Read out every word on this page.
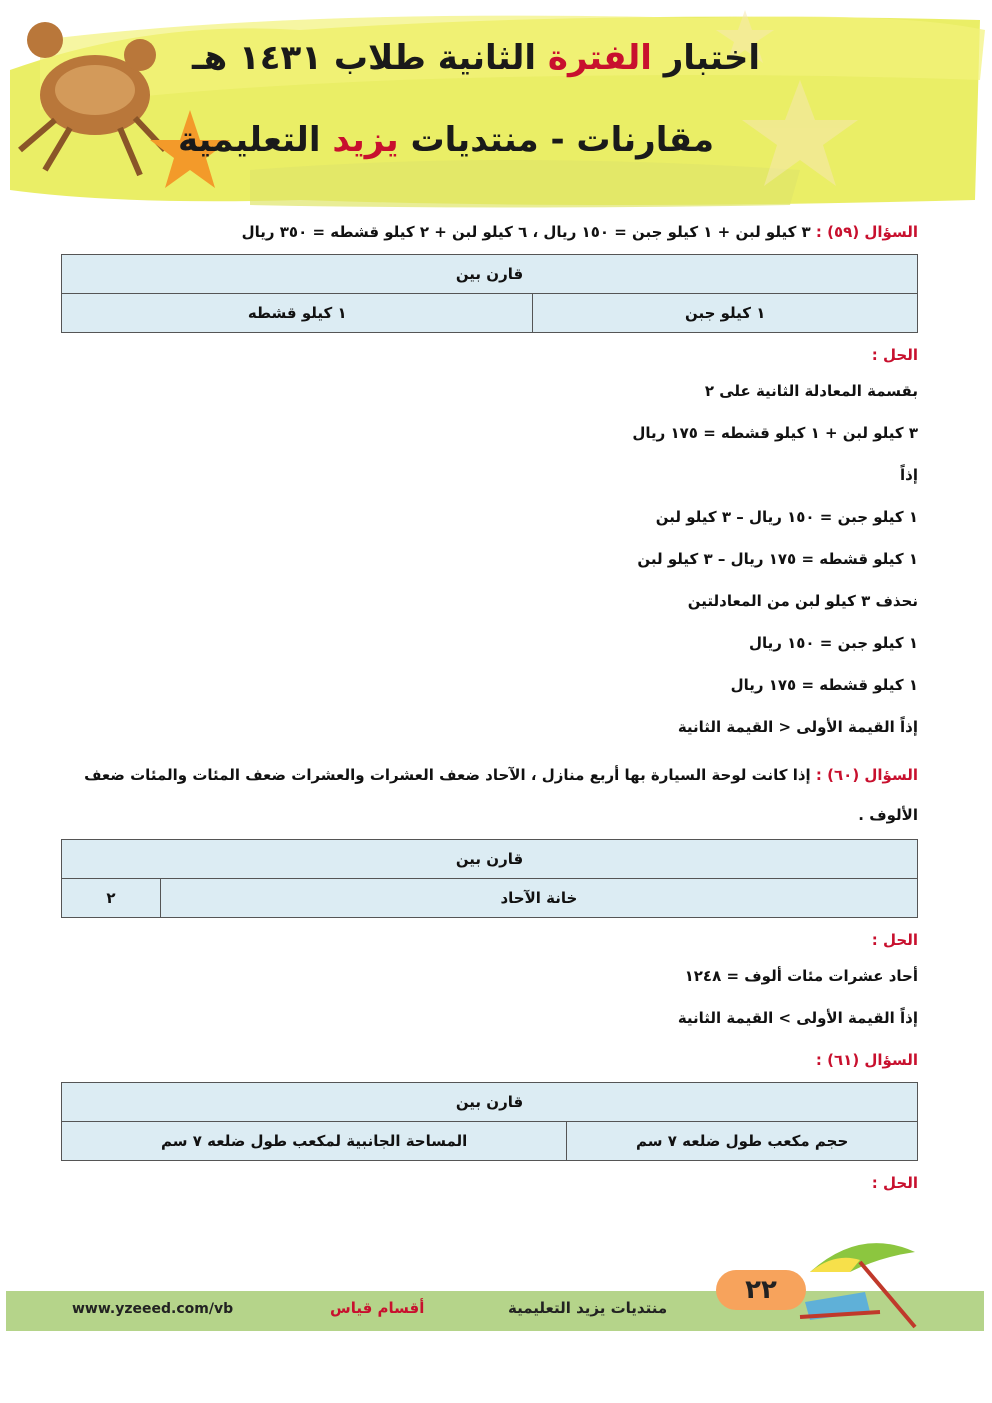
اختبار الفترة الثانية طلاب ١٤٣١ هـ
مقارنات - منتديات يزيد التعليمية
السؤال (٥٩) : ٣ كيلو لبن + ١ كيلو جبن = ١٥٠ ريال ، ٦ كيلو لبن + ٢ كيلو قشطه = ٣٥٠ ريال
قارن بين
١ كيلو جبن	١ كيلو قشطه
الحل :
بقسمة المعادلة الثانية على ٢
٣ كيلو لبن + ١ كيلو قشطه = ١٧٥ ريال
إذاً
١ كيلو جبن = ١٥٠ ريال – ٣ كيلو لبن
١ كيلو قشطه = ١٧٥ ريال – ٣ كيلو لبن
نحذف ٣ كيلو لبن من المعادلتين
١ كيلو جبن = ١٥٠ ريال
١ كيلو قشطه = ١٧٥ ريال
إذاً القيمة الأولى < القيمة الثانية
السؤال (٦٠) : إذا كانت لوحة السيارة بها أربع منازل ، الآحاد ضعف العشرات والعشرات ضعف المئات والمئات ضعف الألوف .
قارن بين
خانة الآحاد	٢
الحل :
أحاد عشرات مئات ألوف = ١٢٤٨
إذاً القيمة الأولى > القيمة الثانية
السؤال (٦١) :
قارن بين
حجم مكعب طول ضلعه ٧ سم	المساحة الجانبية لمكعب طول ضلعه ٧ سم
الحل :
٢٢
منتديات يزيد التعليمية
أقسام قياس
www.yzeeed.com/vb
